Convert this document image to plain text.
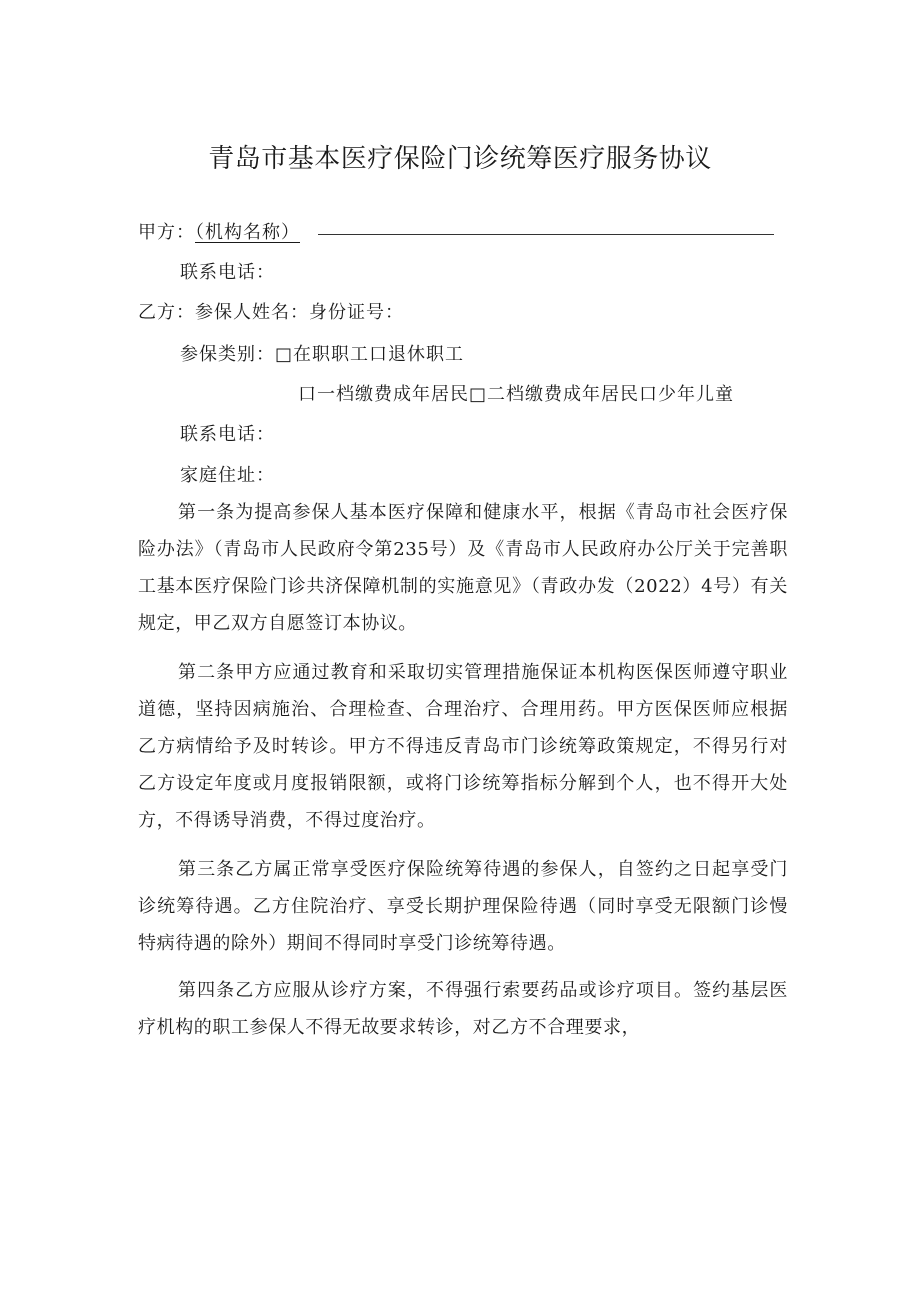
青岛市基本医疗保险门诊统筹医疗服务协议
甲方：（机构名称）
联系电话：
乙方：参保人姓名：身份证号：
参保类别：□在职职工口退休职工
口一档缴费成年居民□二档缴费成年居民口少年儿童
联系电话：
家庭住址：
第一条为提高参保人基本医疗保障和健康水平，根据《青岛市社会医疗保险办法》（青岛市人民政府令第235号）及《青岛市人民政府办公厅关于完善职工基本医疗保险门诊共济保障机制的实施意见》（青政办发（2022）4号）有关规定，甲乙双方自愿签订本协议。
第二条甲方应通过教育和采取切实管理措施保证本机构医保医师遵守职业道德，坚持因病施治、合理检查、合理治疗、合理用药。甲方医保医师应根据乙方病情给予及时转诊。甲方不得违反青岛市门诊统筹政策规定，不得另行对乙方设定年度或月度报销限额，或将门诊统筹指标分解到个人，也不得开大处方，不得诱导消费，不得过度治疗。
第三条乙方属正常享受医疗保险统筹待遇的参保人，自签约之日起享受门诊统筹待遇。乙方住院治疗、享受长期护理保险待遇（同时享受无限额门诊慢特病待遇的除外）期间不得同时享受门诊统筹待遇。
第四条乙方应服从诊疗方案，不得强行索要药品或诊疗项目。签约基层医疗机构的职工参保人不得无故要求转诊，对乙方不合理要求，
